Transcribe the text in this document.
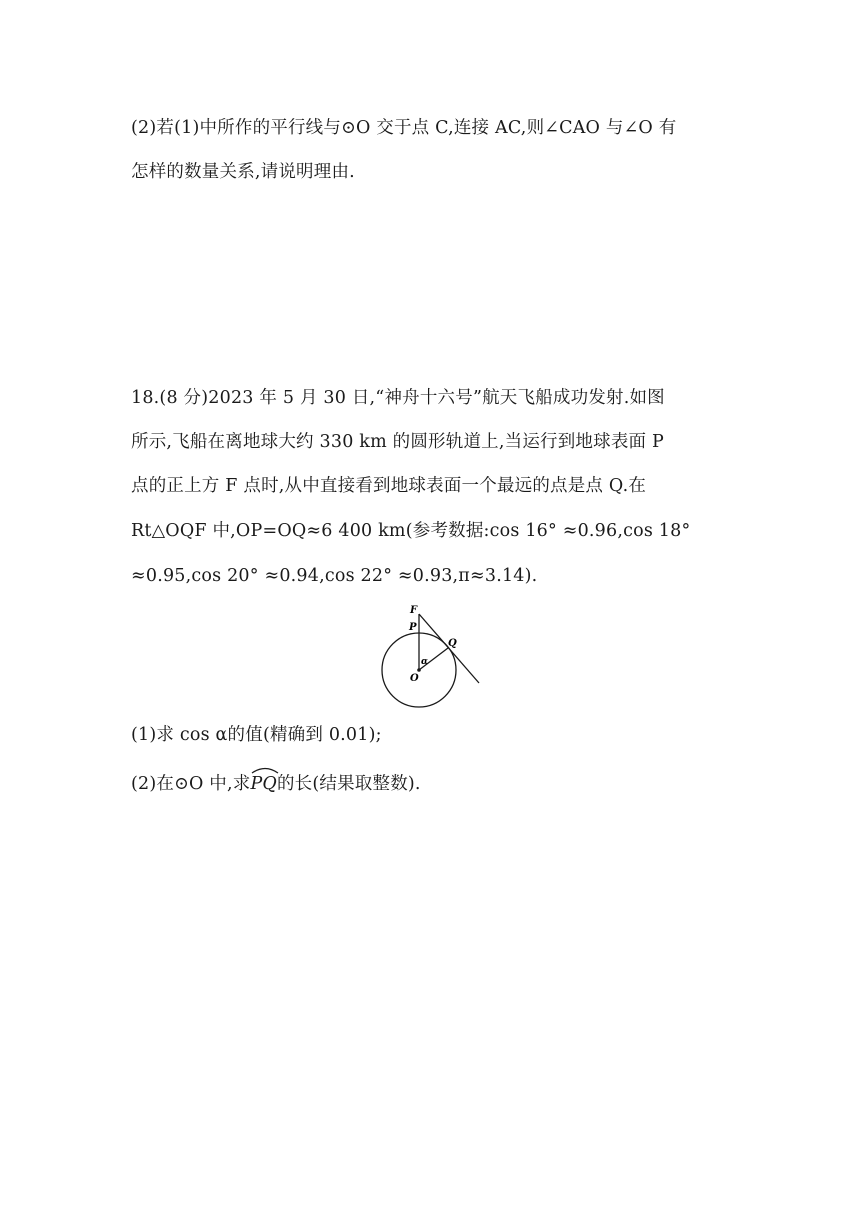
(2)若(1)中所作的平行线与⊙O 交于点 C,连接 AC,则∠CAO 与∠O 有
怎样的数量关系,请说明理由.
18.(8 分)2023 年 5 月 30 日,“神舟十六号”航天飞船成功发射.如图
所示,飞船在离地球大约 330 km 的圆形轨道上,当运行到地球表面 P
点的正上方 F 点时,从中直接看到地球表面一个最远的点是点 Q.在
Rt△OQF 中,OP=OQ≈6 400 km(参考数据:cos 16° ≈0.96,cos 18°
≈0.95,cos 20° ≈0.94,cos 22° ≈0.93,π≈3.14).
F
P
Q
α
O
(1)求 cos α的值(精确到 0.01);
(2)在⊙O 中,求
PQ的长(结果取整数).
